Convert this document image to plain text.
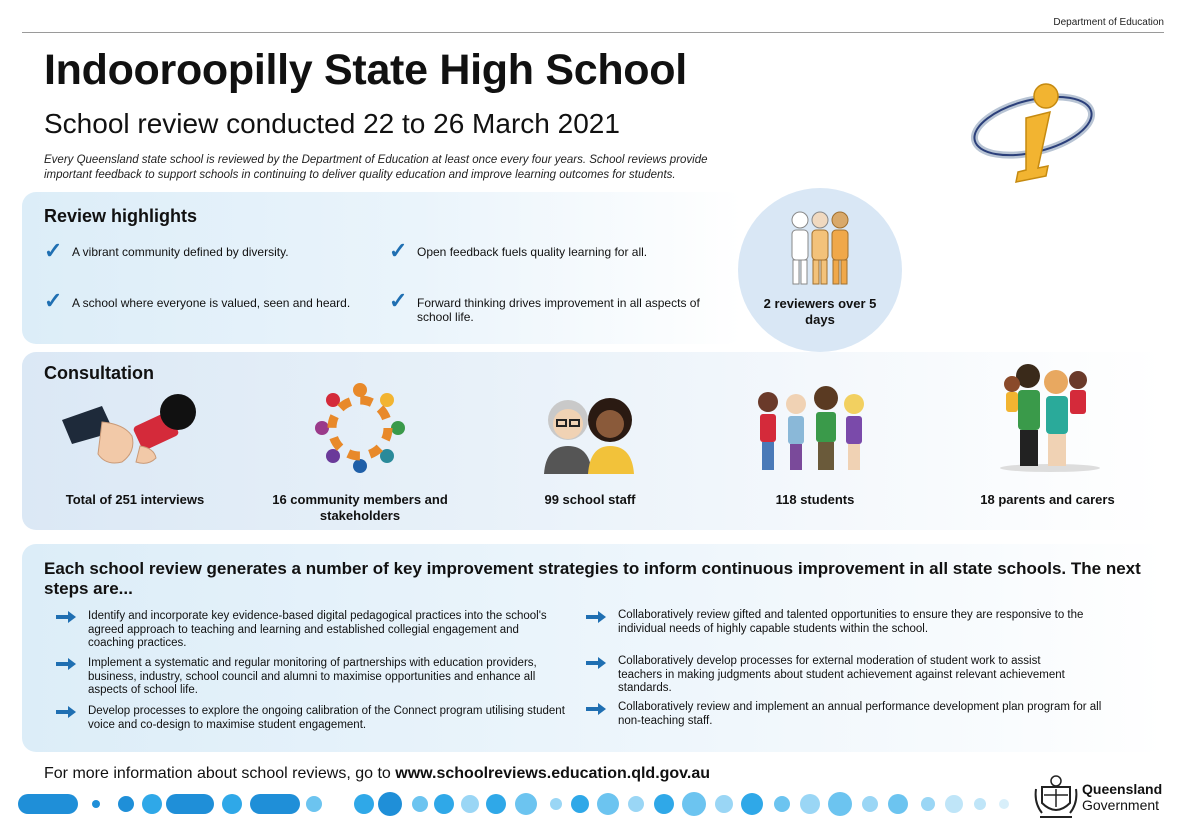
Department of Education
Indooroopilly State High School
School review conducted 22 to 26 March 2021
Every Queensland state school is reviewed by the Department of Education at least once every four years. School reviews provide important feedback to support schools in continuing to deliver quality education and improve learning outcomes for students.
Review highlights
✓ A vibrant community defined by diversity.	✓ Open feedback fuels quality learning for all.
✓ A school where everyone is valued, seen and heard.	✓ Forward thinking drives improvement in all aspects of school life.
2 reviewers over 5 days
Consultation
Total of 251 interviews	16 community members and stakeholders
99 school staff	118 students	18 parents and carers
Each school review generates a number of key improvement strategies to inform continuous improvement in all state schools. The next steps are...
Identify and incorporate key evidence-based digital pedagogical practices into the school's agreed approach to teaching and learning and established collegial engagement and coaching practices.
Implement a systematic and regular monitoring of partnerships with education providers, business, industry, school council and alumni to maximise opportunities and enhance all aspects of school life.
Develop processes to explore the ongoing calibration of the Connect program utilising student voice and co-design to maximise student engagement.
Collaboratively review gifted and talented opportunities to ensure they are responsive to the individual needs of highly capable students within the school.
Collaboratively develop processes for external moderation of student work to assist teachers in making judgments about student achievement against relevant achievement standards.
Collaboratively review and implement an annual performance development plan program for all non-teaching staff.
For more information about school reviews, go to www.schoolreviews.education.qld.gov.au
Queensland
Government
